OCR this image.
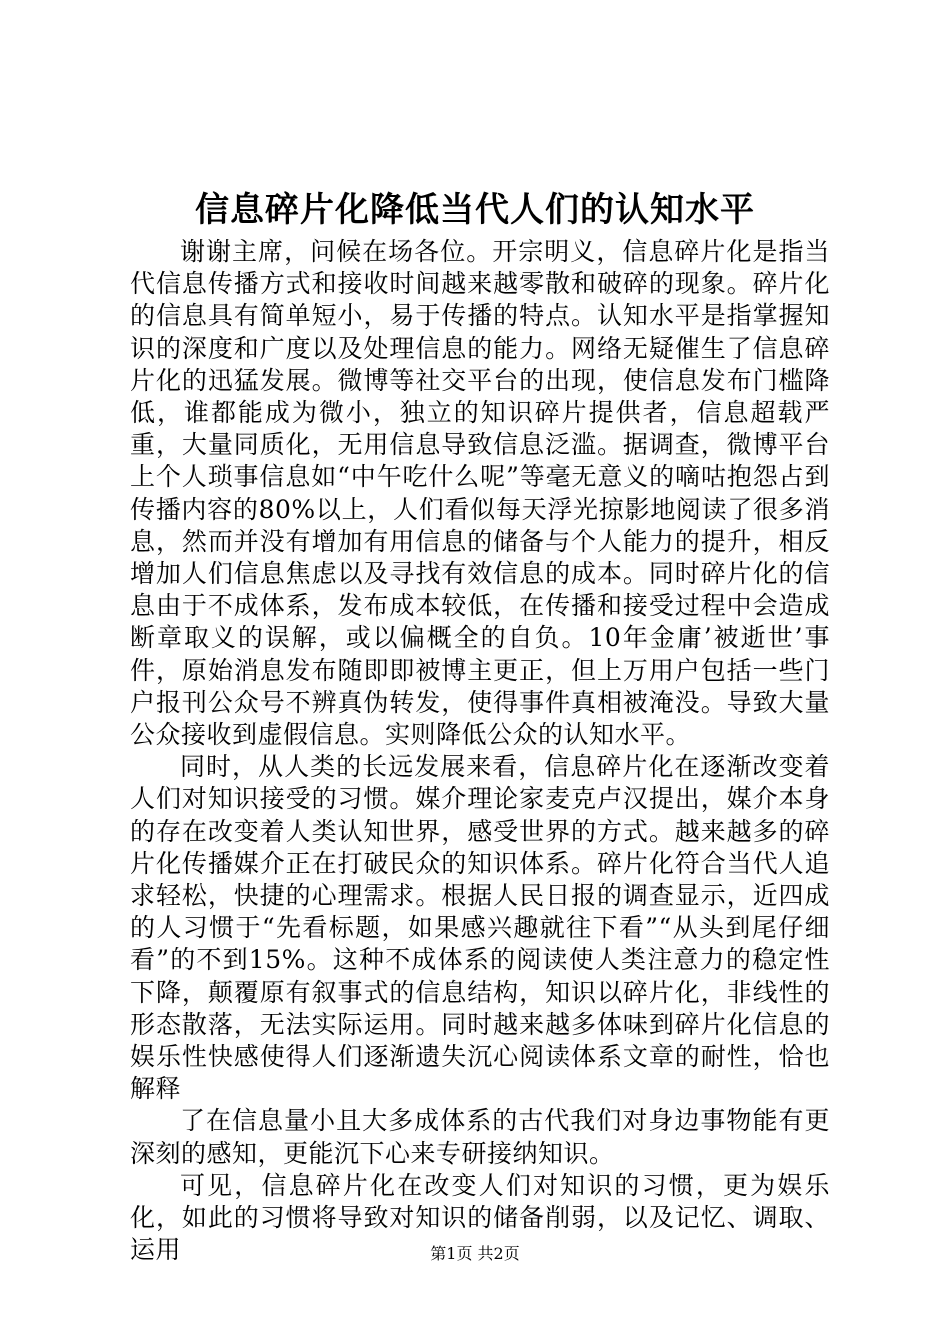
信息碎片化降低当代人们的认知水平

谢谢主席，问候在场各位。开宗明义，信息碎片化是指当代信息传播方式和接收时间越来越零散和破碎的现象。碎片化的信息具有简单短小，易于传播的特点。认知水平是指掌握知识的深度和广度以及处理信息的能力。网络无疑催生了信息碎片化的迅猛发展。微博等社交平台的出现，使信息发布门槛降低，谁都能成为微小，独立的知识碎片提供者，信息超载严重，大量同质化，无用信息导致信息泛滥。据调查，微博平台上个人琐事信息如“中午吃什么呢”等毫无意义的嘀咕抱怨占到传播内容的80%以上，人们看似每天浮光掠影地阅读了很多消息，然而并没有增加有用信息的储备与个人能力的提升，相反增加人们信息焦虑以及寻找有效信息的成本。同时碎片化的信息由于不成体系，发布成本较低，在传播和接受过程中会造成断章取义的误解，或以偏概全的自负。10年金庸’被逝世’事件，原始消息发布随即即被博主更正，但上万用户包括一些门户报刊公众号不辨真伪转发，使得事件真相被淹没。导致大量公众接收到虚假信息。实则降低公众的认知水平。

同时，从人类的长远发展来看，信息碎片化在逐渐改变着人们对知识接受的习惯。媒介理论家麦克卢汉提出，媒介本身的存在改变着人类认知世界，感受世界的方式。越来越多的碎片化传播媒介正在打破民众的知识体系。碎片化符合当代人追求轻松，快捷的心理需求。根据人民日报的调查显示，近四成的人习惯于“先看标题，如果感兴趣就往下看”“从头到尾仔细看”的不到15%。这种不成体系的阅读使人类注意力的稳定性下降，颠覆原有叙事式的信息结构，知识以碎片化，非线性的形态散落，无法实际运用。同时越来越多体味到碎片化信息的娱乐性快感使得人们逐渐遗失沉心阅读体系文章的耐性，恰也解释

了在信息量小且大多成体系的古代我们对身边事物能有更深刻的感知，更能沉下心来专研接纳知识。

可见，信息碎片化在改变人们对知识的习惯，更为娱乐化，如此的习惯将导致对知识的储备削弱，以及记忆、调取、运用	第1页 共2页
